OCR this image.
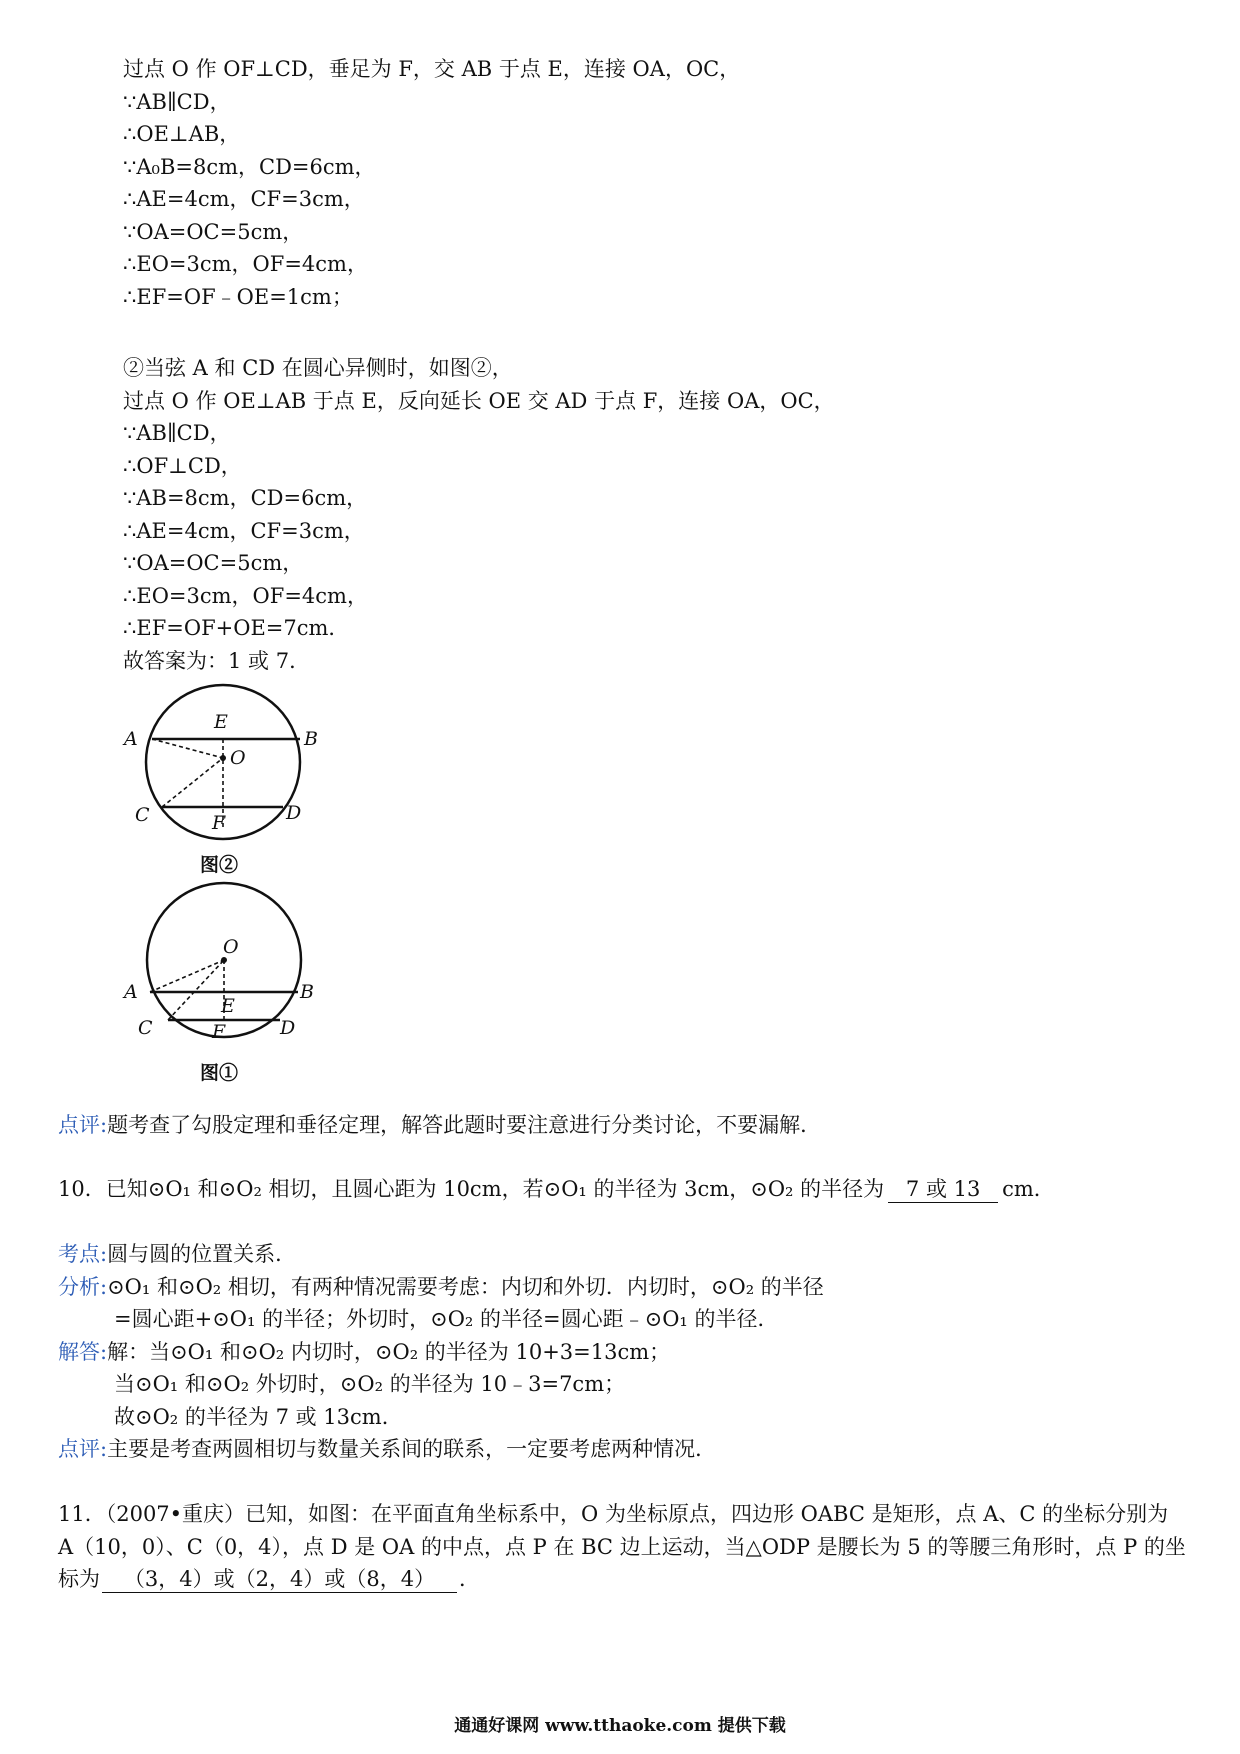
过点 O 作 OF⊥CD，垂足为 F，交 AB 于点 E，连接 OA，OC，
∵AB∥CD，
∴OE⊥AB，
∵A₀B=8cm，CD=6cm，
∴AE=4cm，CF=3cm，
∵OA=OC=5cm，
∴EO=3cm，OF=4cm，
∴EF=OF﹣OE=1cm；
②当弦 A 和 CD 在圆心异侧时，如图②，
过点 O 作 OE⊥AB 于点 E，反向延长 OE 交 AD 于点 F，连接 OA，OC，
∵AB∥CD，
∴OF⊥CD，
∵AB=8cm，CD=6cm，
∴AE=4cm，CF=3cm，
∵OA=OC=5cm，
∴EO=3cm，OF=4cm，
∴EF=OF+OE=7cm．
故答案为：1 或 7．
A	B
C	D
E
F
O
图②
A	B
C	D
E
F
O
图①
点评:题考查了勾股定理和垂径定理，解答此题时要注意进行分类讨论，不要漏解．
10．已知⊙O₁ 和⊙O₂ 相切，且圆心距为 10cm，若⊙O₁ 的半径为 3cm，⊙O₂ 的半径为 7 或 13 cm．
考点:圆与圆的位置关系．
分析:⊙O₁ 和⊙O₂ 相切，有两种情况需要考虑：内切和外切．内切时，⊙O₂ 的半径
=圆心距+⊙O₁ 的半径；外切时，⊙O₂ 的半径=圆心距﹣⊙O₁ 的半径．
解答:解：当⊙O₁ 和⊙O₂ 内切时，⊙O₂ 的半径为 10+3=13cm；
当⊙O₁ 和⊙O₂ 外切时，⊙O₂ 的半径为 10﹣3=7cm；
故⊙O₂ 的半径为 7 或 13cm．
点评:主要是考查两圆相切与数量关系间的联系，一定要考虑两种情况．
11．（2007•重庆）已知，如图：在平面直角坐标系中，O 为坐标原点，四边形 OABC 是矩形，点 A、C 的坐标分别为
A（10，0）、C（0，4），点 D 是 OA 的中点，点 P 在 BC 边上运动，当△ODP 是腰长为 5 的等腰三角形时，点 P 的坐
标为 （3，4）或（2，4）或（8，4） ．
通通好课网 www.tthaoke.com 提供下载
